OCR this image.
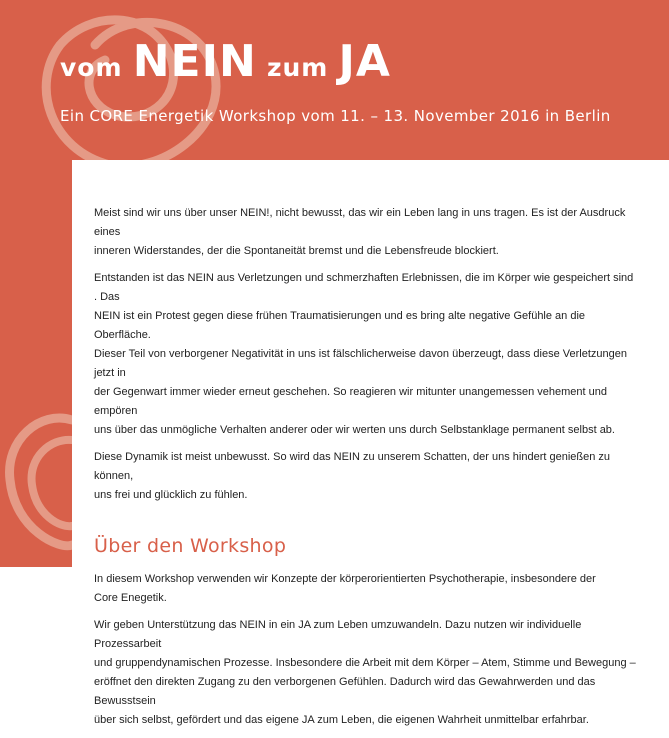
vom NEIN zum JA
Ein CORE Energetik Workshop vom 11. – 13. November 2016 in Berlin

Meist sind wir uns über unser NEIN!, nicht bewusst, das wir ein Leben lang in uns tragen. Es ist der Ausdruck eines
inneren Widerstandes, der die Spontaneität bremst und die Lebensfreude blockiert.

Entstanden ist das NEIN aus Verletzungen und schmerzhaften Erlebnissen, die im Körper wie gespeichert sind . Das
NEIN ist ein Protest gegen diese frühen Traumatisierungen und es bring alte negative Gefühle an die Oberfläche.
Dieser Teil von verborgener Negativität in uns ist fälschlicherweise davon überzeugt, dass diese Verletzungen jetzt in
der Gegenwart immer wieder erneut geschehen. So reagieren wir mitunter unangemessen vehement und empören
uns über das unmögliche Verhalten anderer oder wir werten uns durch Selbstanklage permanent selbst ab.

Diese Dynamik ist meist unbewusst. So wird das NEIN zu unserem Schatten, der uns hindert genießen zu können,
uns frei und glücklich zu fühlen.

Über den Workshop

In diesem Workshop verwenden wir Konzepte der körperorientierten Psychotherapie, insbesondere der
Core Enegetik.

Wir geben Unterstützung das NEIN in ein JA zum Leben umzuwandeln. Dazu nutzen wir individuelle Prozessarbeit
und gruppendynamischen Prozesse. Insbesondere die Arbeit mit dem Körper – Atem, Stimme und Bewegung –
eröffnet den direkten Zugang zu den verborgenen Gefühlen. Dadurch wird das Gewahrwerden und das Bewusstsein
über sich selbst, gefördert und das eigene JA zum Leben, die eigenen Wahrheit unmittelbar erfahrbar.
